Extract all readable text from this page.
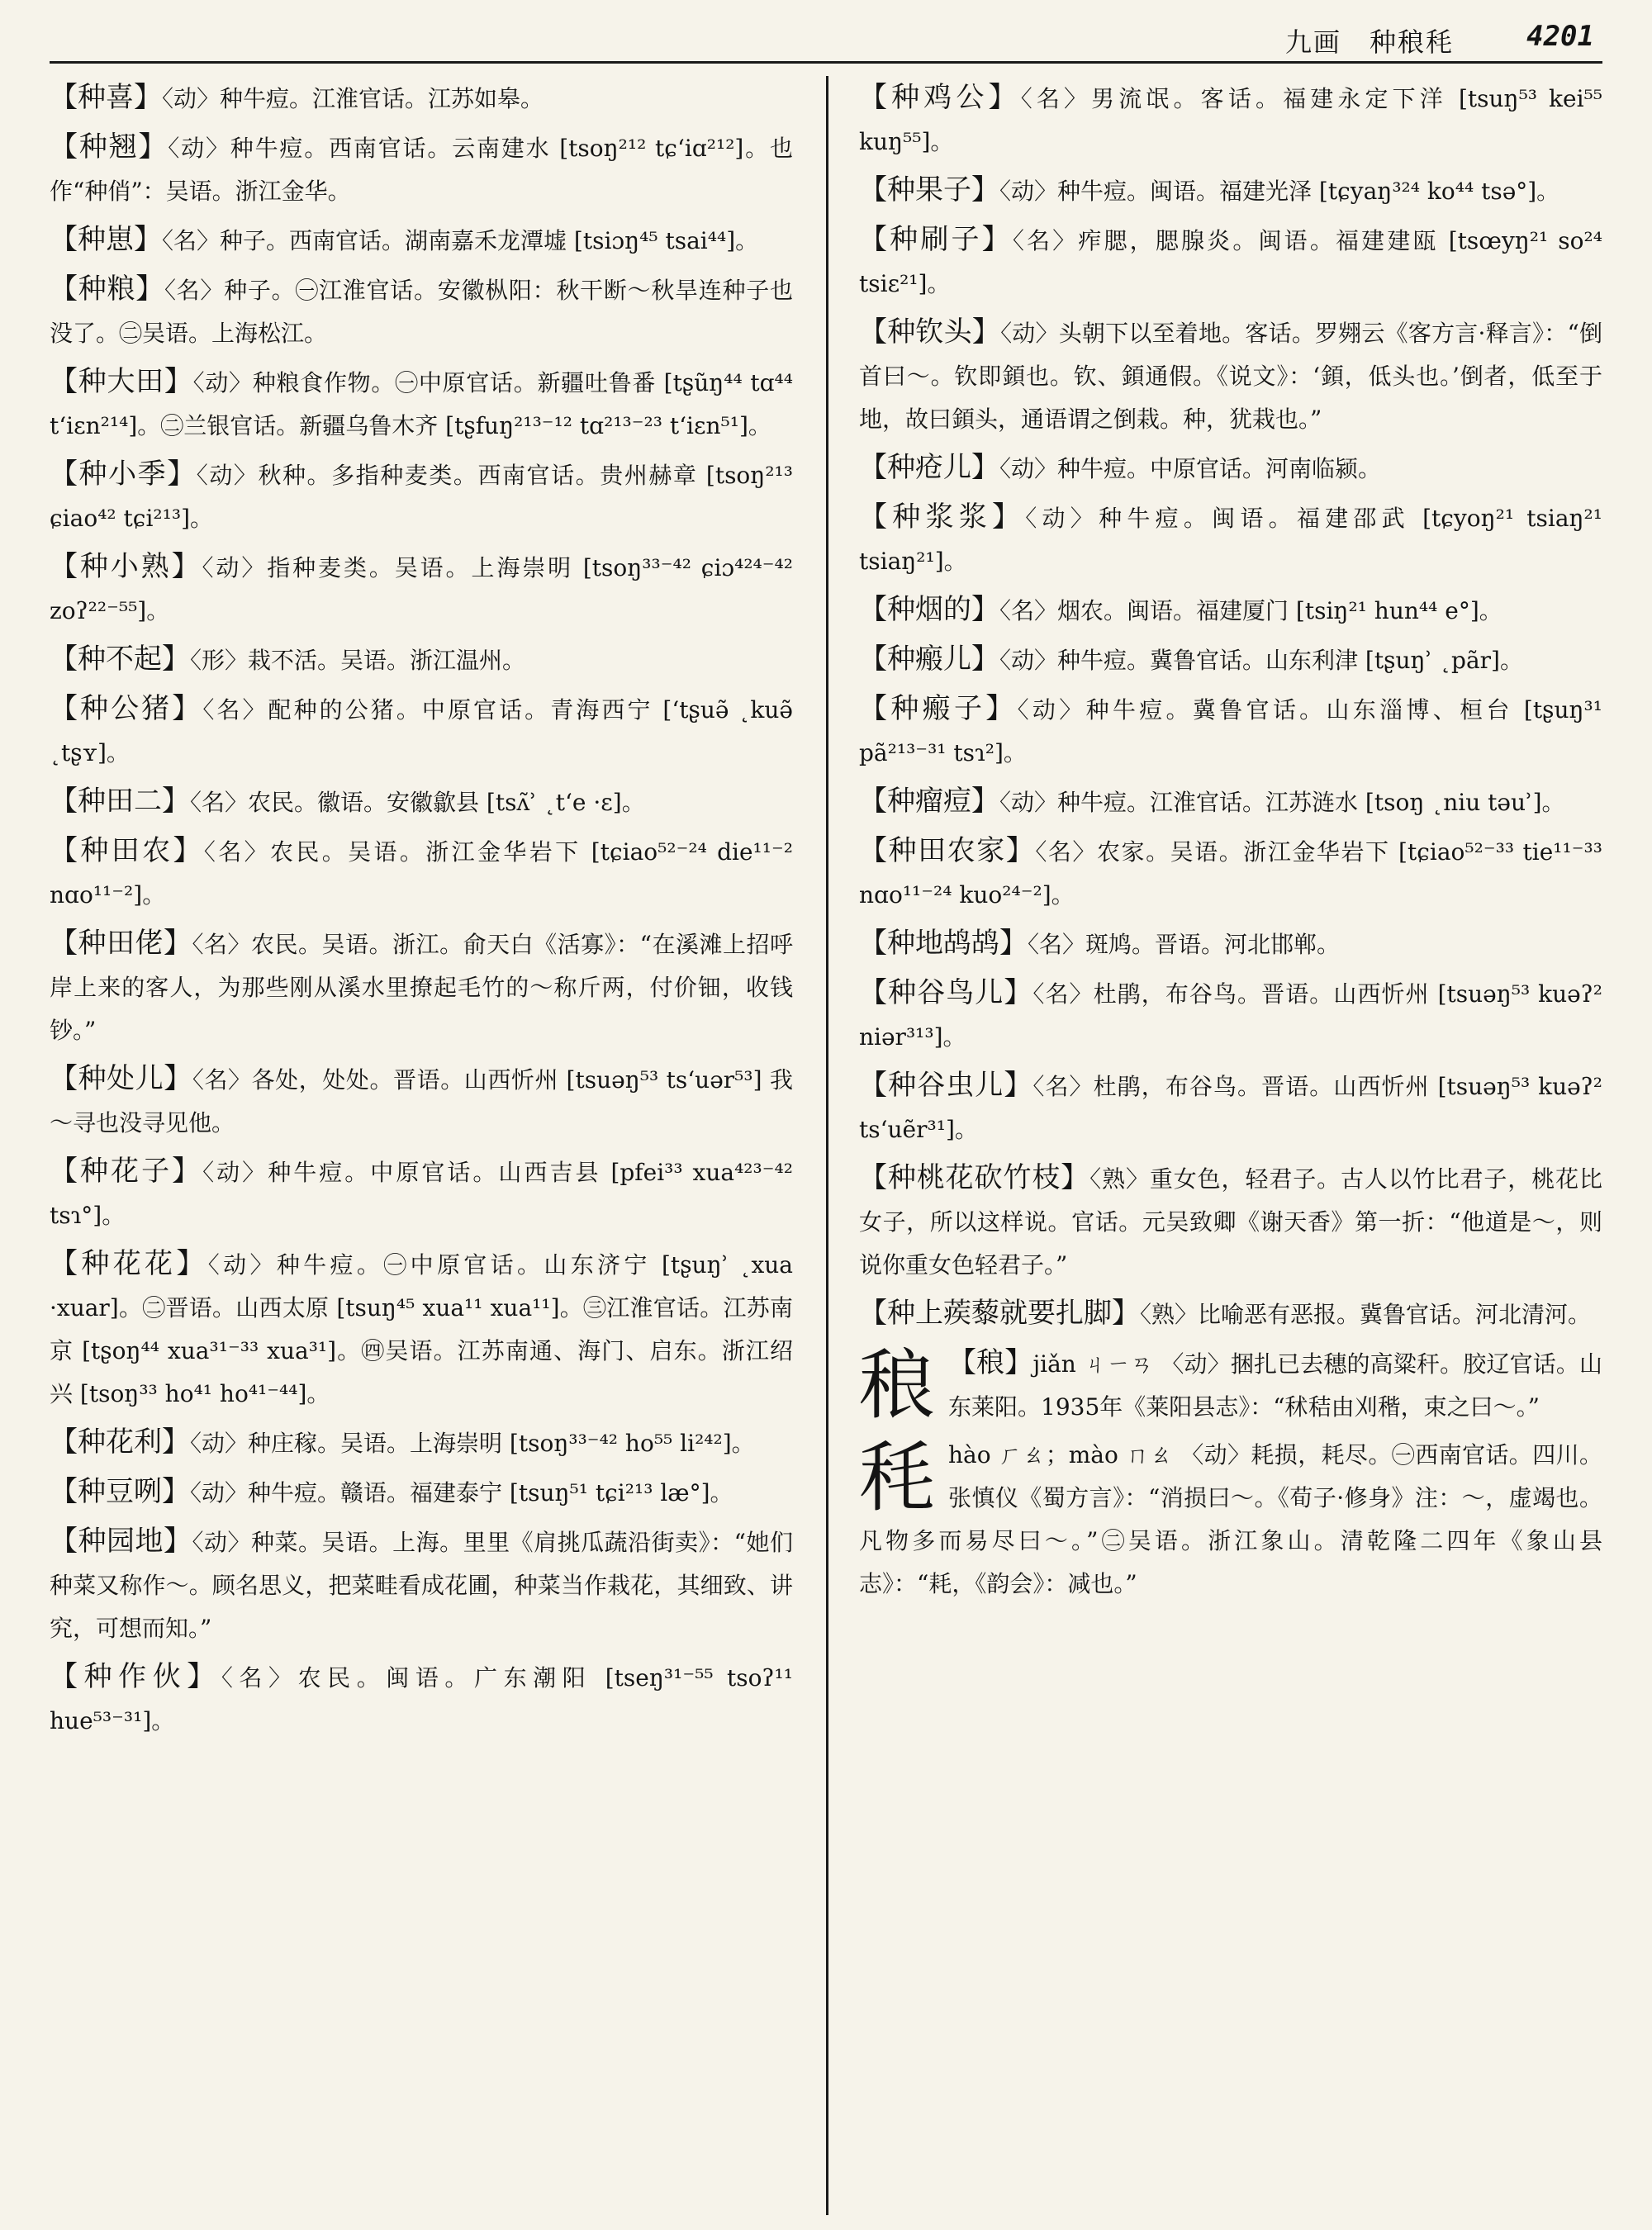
九画　种稂秏	4201

【种喜】〈动〉种牛痘。江淮官话。江苏如皋。

【种翘】〈动〉种牛痘。西南官话。云南建水 [tsoŋ²¹² tɕʻiɑ²¹²]。也作“种俏”：吴语。浙江金华。

【种崽】〈名〉种子。西南官话。湖南嘉禾龙潭墟 [tsiɔŋ⁴⁵ tsai⁴⁴]。

【种粮】〈名〉种子。㊀江淮官话。安徽枞阳：秋干断～秋旱连种子也没了。㊁吴语。上海松江。

【种大田】〈动〉种粮食作物。㊀中原官话。新疆吐鲁番 [tʂũŋ⁴⁴ tɑ⁴⁴ tʻiɛn²¹⁴]。㊁兰银官话。新疆乌鲁木齐 [tʂfuŋ²¹³⁻¹² tɑ²¹³⁻²³ tʻiɛn⁵¹]。

【种小季】〈动〉秋种。多指种麦类。西南官话。贵州赫章 [tsoŋ²¹³ ɕiao⁴² tɕi²¹³]。

【种小熟】〈动〉指种麦类。吴语。上海崇明 [tsoŋ³³⁻⁴² ɕiɔ⁴²⁴⁻⁴² zoʔ²²⁻⁵⁵]。

【种不起】〈形〉栽不活。吴语。浙江温州。

【种公猪】〈名〉配种的公猪。中原官话。青海西宁 [ʻtʂuə̃ ˛kuə̃ ˛tʂʏ]。

【种田二】〈名〉农民。徽语。安徽歙县 [tsʌ̃ʾ ˛tʻe ·ɛ]。

【种田农】〈名〉农民。吴语。浙江金华岩下 [tɕiao⁵²⁻²⁴ die¹¹⁻² nɑo¹¹⁻²]。

【种田佬】〈名〉农民。吴语。浙江。俞天白《活寡》：“在溪滩上招呼岸上来的客人，为那些刚从溪水里撩起毛竹的～称斤两，付价钿，收钱钞。”

【种处儿】〈名〉各处，处处。晋语。山西忻州 [tsuəŋ⁵³ tsʻuər⁵³] 我～寻也没寻见他。

【种花子】〈动〉种牛痘。中原官话。山西吉县 [pfei³³ xua⁴²³⁻⁴² tsɿ°]。

【种花花】〈动〉种牛痘。㊀中原官话。山东济宁 [tʂuŋʾ ˛xua ·xuar]。㊁晋语。山西太原 [tsuŋ⁴⁵ xua¹¹ xua¹¹]。㊂江淮官话。江苏南京 [tʂoŋ⁴⁴ xua³¹⁻³³ xua³¹]。㊃吴语。江苏南通、海门、启东。浙江绍兴 [tsoŋ³³ ho⁴¹ ho⁴¹⁻⁴⁴]。

【种花利】〈动〉种庄稼。吴语。上海崇明 [tsoŋ³³⁻⁴² ho⁵⁵ li²⁴²]。

【种豆咧】〈动〉种牛痘。赣语。福建泰宁 [tsuŋ⁵¹ tɕi²¹³ læ°]。

【种园地】〈动〉种菜。吴语。上海。里里《肩挑瓜蔬沿街卖》：“她们种菜又称作～。顾名思义，把菜畦看成花圃，种菜当作栽花，其细致、讲究，可想而知。”

【种作伙】〈名〉农民。闽语。广东潮阳 [tseŋ³¹⁻⁵⁵ tsoʔ¹¹ hue⁵³⁻³¹]。

【种鸡公】〈名〉男流氓。客话。福建永定下洋 [tsuŋ⁵³ kei⁵⁵ kuŋ⁵⁵]。

【种果子】〈动〉种牛痘。闽语。福建光泽 [tɕyaŋ³²⁴ ko⁴⁴ tsə°]。

【种刷子】〈名〉痄腮，腮腺炎。闽语。福建建瓯 [tsœyŋ²¹ so²⁴ tsiɛ²¹]。

【种钦头】〈动〉头朝下以至着地。客话。罗翙云《客方言·释言》：“倒首曰～。钦即顉也。钦、顉通假。《说文》：‘顉，低头也。’倒者，低至于地，故曰顉头，通语谓之倒栽。种，犹栽也。”

【种疮儿】〈动〉种牛痘。中原官话。河南临颍。

【种浆浆】〈动〉种牛痘。闽语。福建邵武 [tɕyoŋ²¹ tsiaŋ²¹ tsiaŋ²¹]。

【种烟的】〈名〉烟农。闽语。福建厦门 [tsiŋ²¹ hun⁴⁴ e°]。

【种瘢儿】〈动〉种牛痘。冀鲁官话。山东利津 [tʂuŋʾ ˛pãr]。

【种瘢子】〈动〉种牛痘。冀鲁官话。山东淄博、桓台 [tʂuŋ³¹ pã²¹³⁻³¹ tsɿ²]。

【种瘤痘】〈动〉种牛痘。江淮官话。江苏涟水 [tsoŋ ˛niu təuʾ]。

【种田农家】〈名〉农家。吴语。浙江金华岩下 [tɕiao⁵²⁻³³ tie¹¹⁻³³ nɑo¹¹⁻²⁴ kuo²⁴⁻²]。

【种地鸪鸪】〈名〉斑鸠。晋语。河北邯郸。

【种谷鸟儿】〈名〉杜鹃，布谷鸟。晋语。山西忻州 [tsuəŋ⁵³ kuəʔ² niər³¹³]。

【种谷虫儿】〈名〉杜鹃，布谷鸟。晋语。山西忻州 [tsuəŋ⁵³ kuəʔ² tsʻuẽr³¹]。

【种桃花砍竹枝】〈熟〉重女色，轻君子。古人以竹比君子，桃花比女子，所以这样说。官话。元吴致卿《谢天香》第一折：“他道是～，则说你重女色轻君子。”

【种上蒺藜就要扎脚】〈熟〉比喻恶有恶报。冀鲁官话。河北清河。

稂 【稂】jiǎn ㄐㄧㄢ 〈动〉捆扎已去穗的高粱秆。胶辽官话。山东莱阳。1935年《莱阳县志》：“秫秸由刈稭，束之曰～。”

秏hào ㄏㄠ；mào ㄇㄠ 〈动〉耗损，耗尽。㊀西南官话。四川。张慎仪《蜀方言》：“消损曰～。《荀子·修身》注：～，虚竭也。凡物多而易尽曰～。”㊁吴语。浙江象山。清乾隆二四年《象山县志》：“耗，《韵会》：减也。”
